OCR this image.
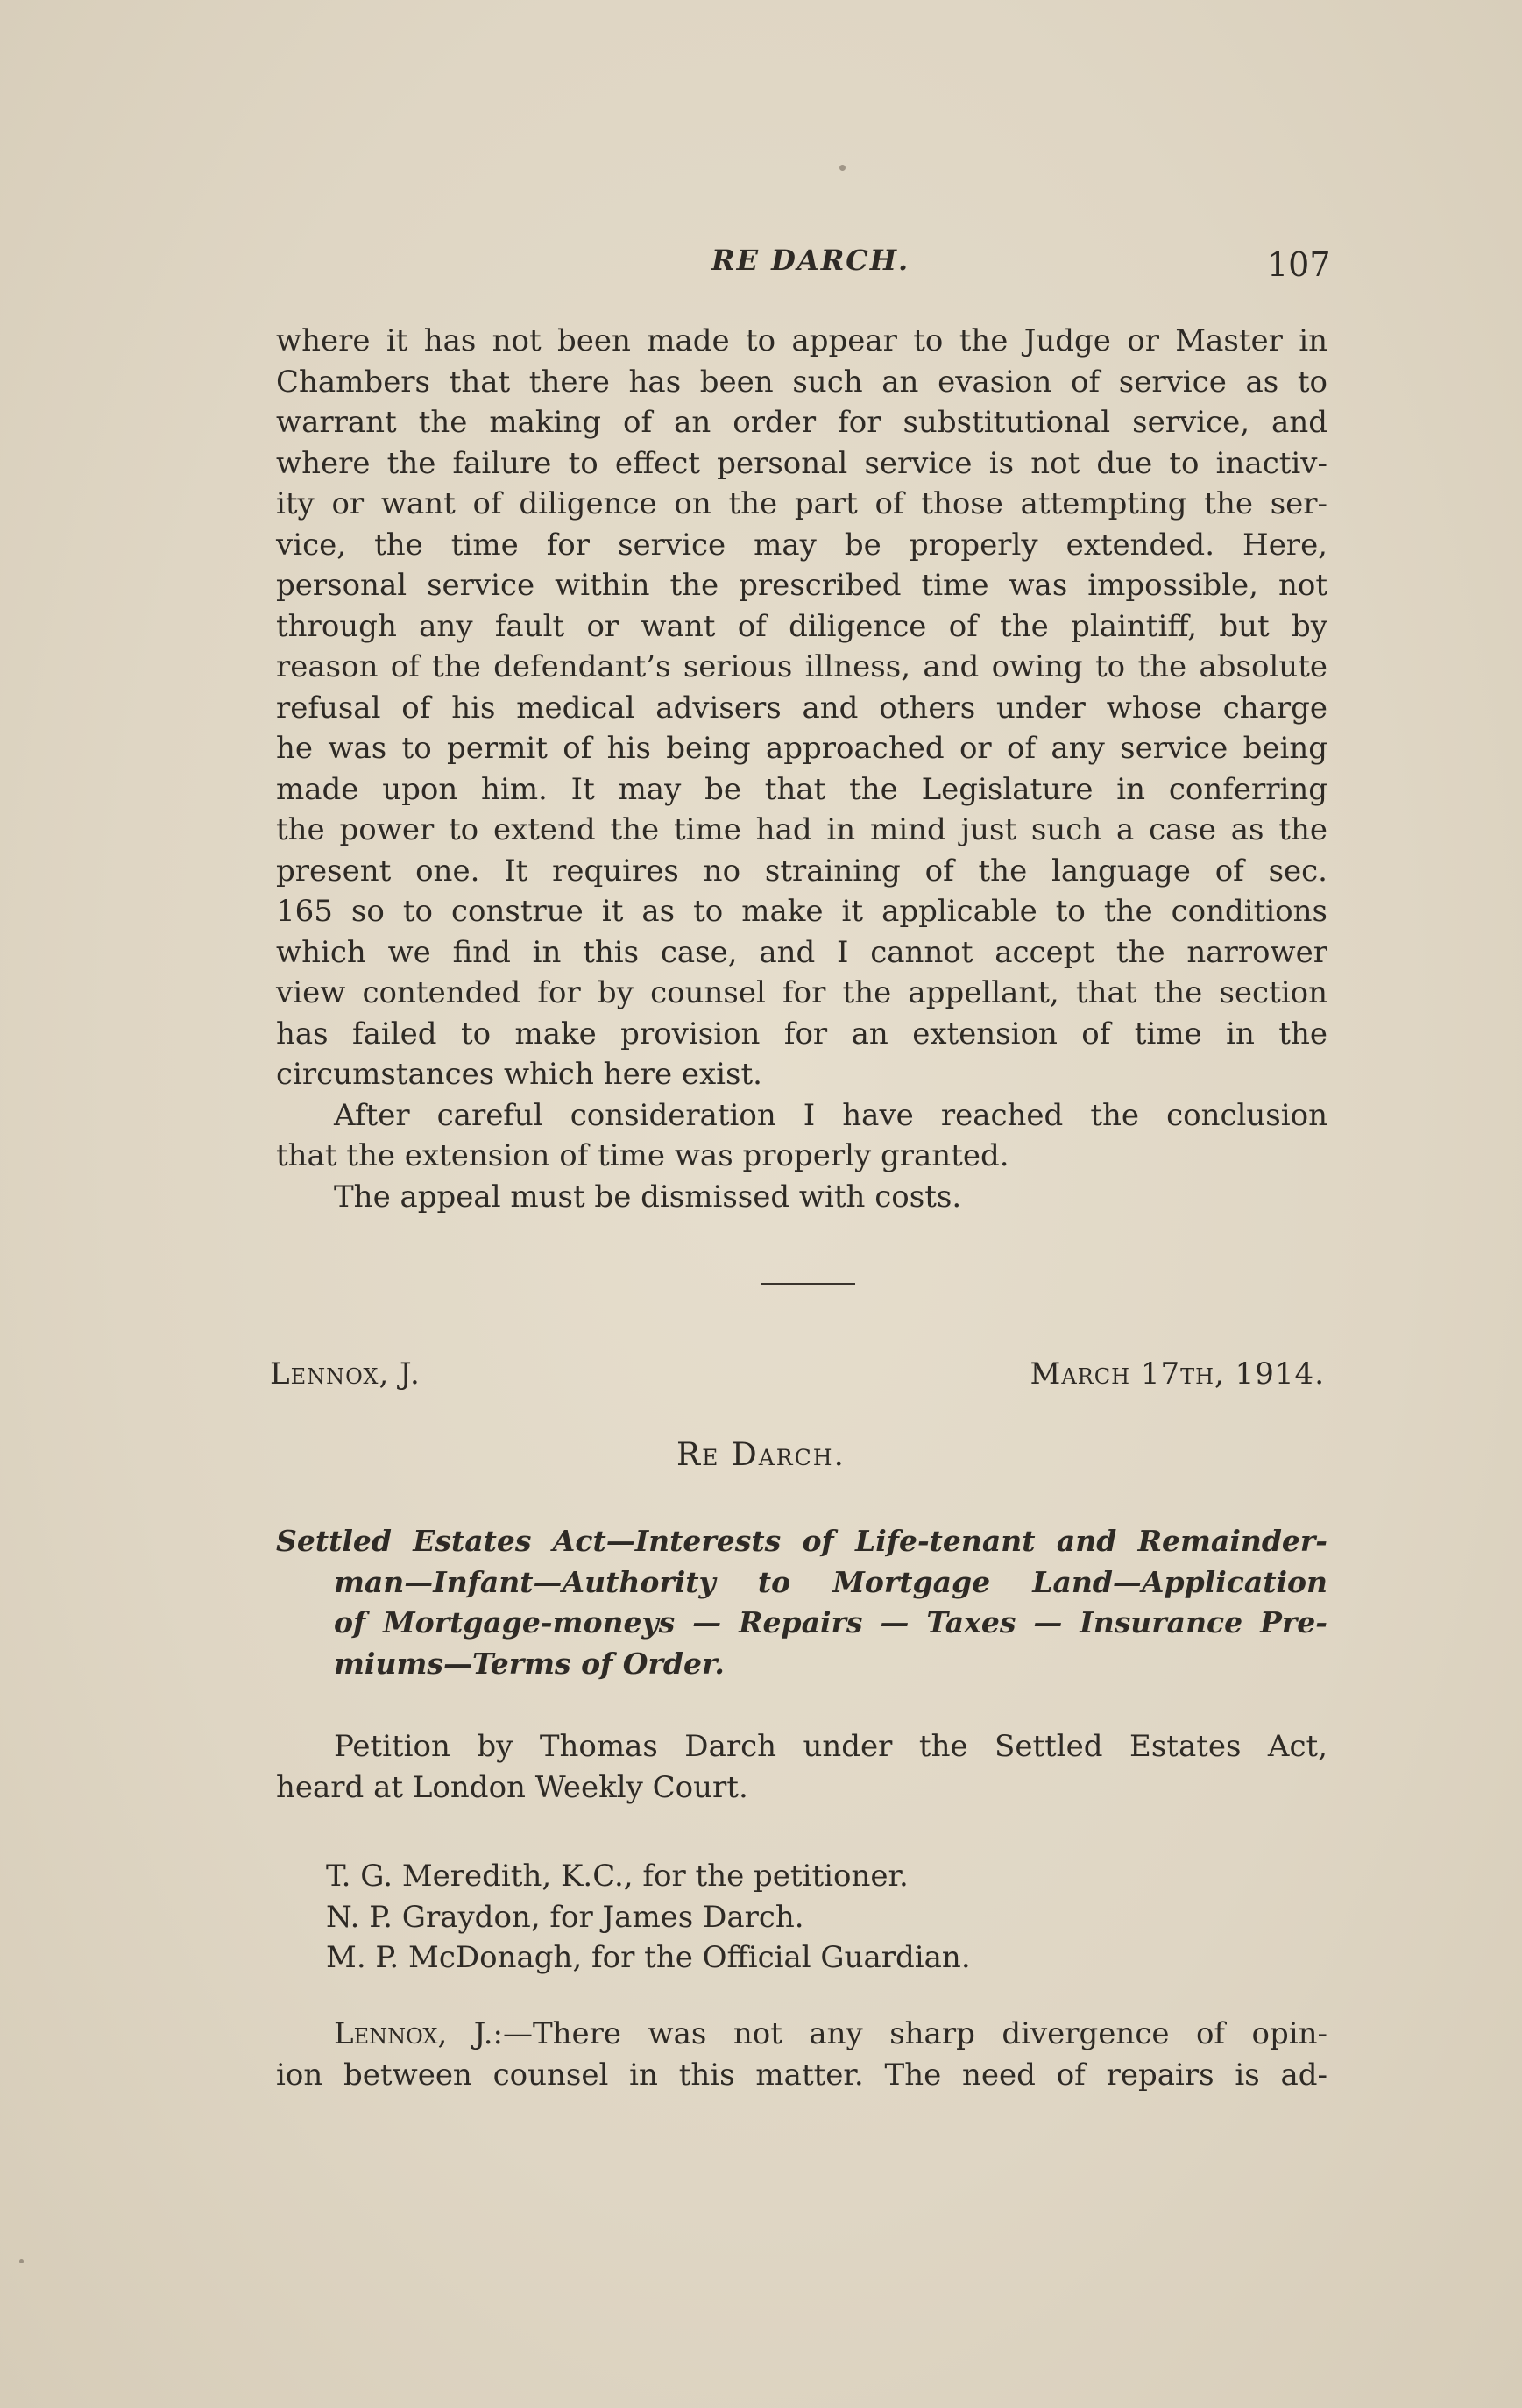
RE DARCH.	107
where it has not been made to appear to the Judge or Master in
Chambers that there has been such an evasion of service as to
warrant the making of an order for substitutional service, and
where the failure to effect personal service is not due to inactiv-
ity or want of diligence on the part of those attempting the ser-
vice, the time for service may be properly extended. Here,
personal service within the prescribed time was impossible, not
through any fault or want of diligence of the plaintiff, but by
reason of the defendant’s serious illness, and owing to the absolute
refusal of his medical advisers and others under whose charge
he was to permit of his being approached or of any service being
made upon him. It may be that the Legislature in conferring
the power to extend the time had in mind just such a case as the
present one. It requires no straining of the language of sec.
165 so to construe it as to make it applicable to the conditions
which we find in this case, and I cannot accept the narrower
view contended for by counsel for the appellant, that the section
has failed to make provision for an extension of time in the
circumstances which here exist.
After careful consideration I have reached the conclusion
that the extension of time was properly granted.
The appeal must be dismissed with costs.
Lennox, J.	March 17th, 1914.
Re Darch.
Settled Estates Act—Interests of Life-tenant and Remainder-
man—Infant—Authority to Mortgage Land—Application
of Mortgage-moneys — Repairs — Taxes — Insurance Pre-
miums—Terms of Order.
Petition by Thomas Darch under the Settled Estates Act,
heard at London Weekly Court.
T. G. Meredith, K.C., for the petitioner.
N. P. Graydon, for James Darch.
M. P. McDonagh, for the Official Guardian.
Lennox, J.:—There was not any sharp divergence of opin-
ion between counsel in this matter. The need of repairs is ad-
